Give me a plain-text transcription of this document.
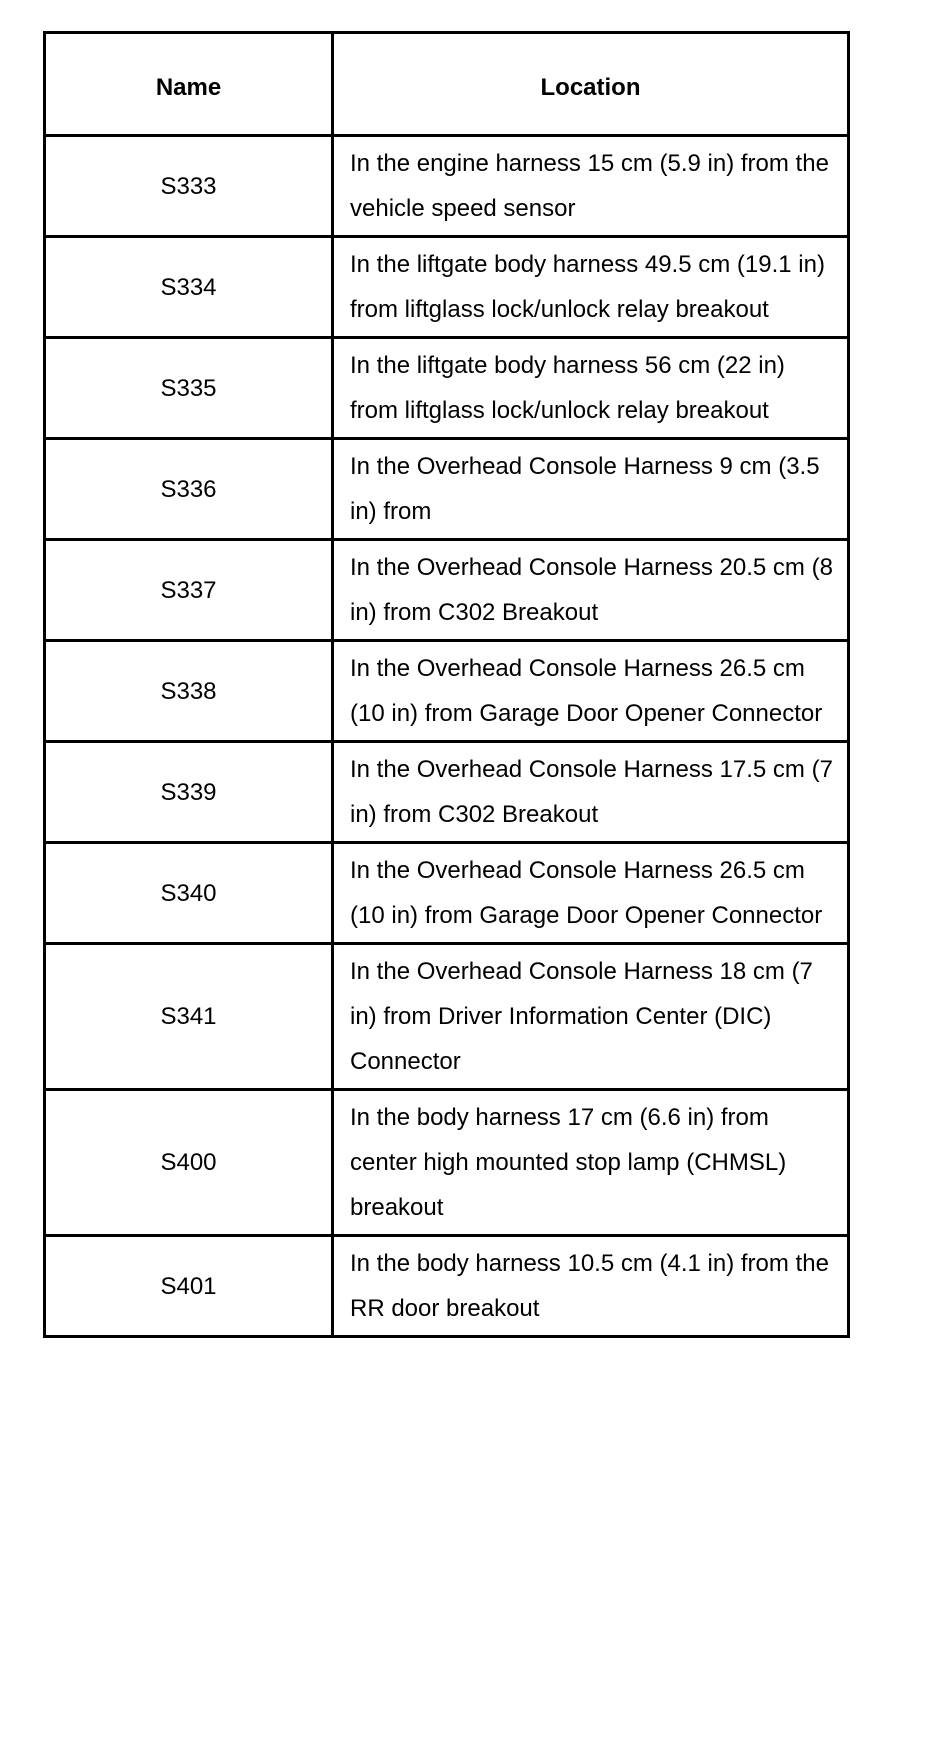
Name	Location
S333	In the engine harness 15 cm (5.9 in) from the vehicle speed sensor
S334	In the liftgate body harness 49.5 cm (19.1 in) from liftglass lock/unlock relay breakout
S335	In the liftgate body harness 56 cm (22 in) from liftglass lock/unlock relay breakout
S336	In the Overhead Console Harness 9 cm (3.5 in) from
S337	In the Overhead Console Harness 20.5 cm (8 in) from C302 Breakout
S338	In the Overhead Console Harness 26.5 cm (10 in) from Garage Door Opener Connector
S339	In the Overhead Console Harness 17.5 cm (7 in) from C302 Breakout
S340	In the Overhead Console Harness 26.5 cm (10 in) from Garage Door Opener Connector
S341	In the Overhead Console Harness 18 cm (7 in) from Driver Information Center (DIC) Connector
S400	In the body harness 17 cm (6.6 in) from center high mounted stop lamp (CHMSL) breakout
S401	In the body harness 10.5 cm (4.1 in) from the RR door breakout
